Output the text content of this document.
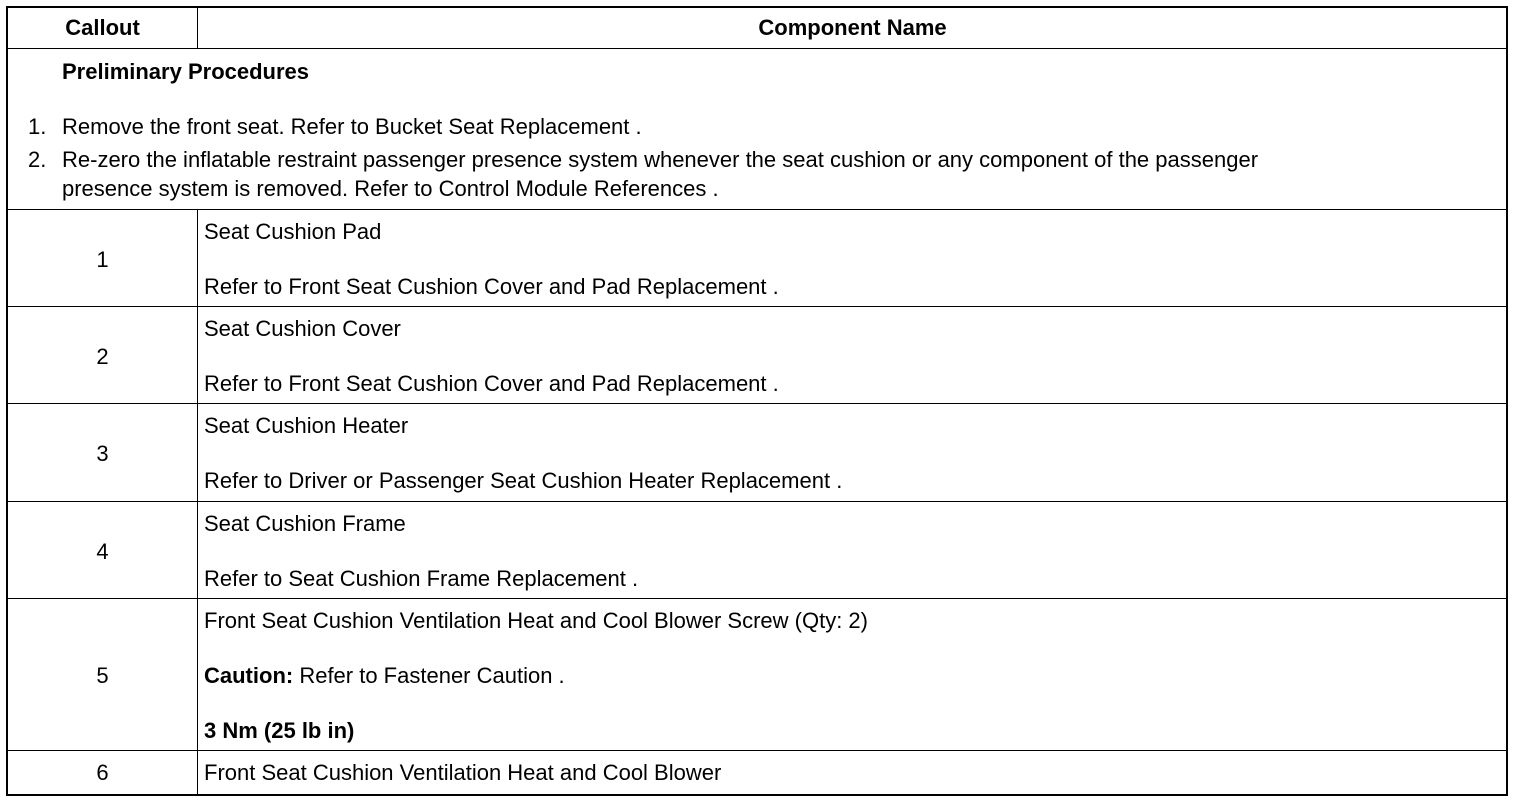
Callout	Component Name
Preliminary Procedures
1. Remove the front seat. Refer to Bucket Seat Replacement .
2. Re-zero the inflatable restraint passenger presence system whenever the seat cushion or any component of the passenger
presence system is removed. Refer to Control Module References .
1
Seat Cushion Pad
Refer to Front Seat Cushion Cover and Pad Replacement .
2
Seat Cushion Cover
Refer to Front Seat Cushion Cover and Pad Replacement .
3
Seat Cushion Heater
Refer to Driver or Passenger Seat Cushion Heater Replacement .
4
Seat Cushion Frame
Refer to Seat Cushion Frame Replacement .
5
Front Seat Cushion Ventilation Heat and Cool Blower Screw (Qty: 2)
Caution: Refer to Fastener Caution .
3 Nm (25 lb in)
6	Front Seat Cushion Ventilation Heat and Cool Blower
